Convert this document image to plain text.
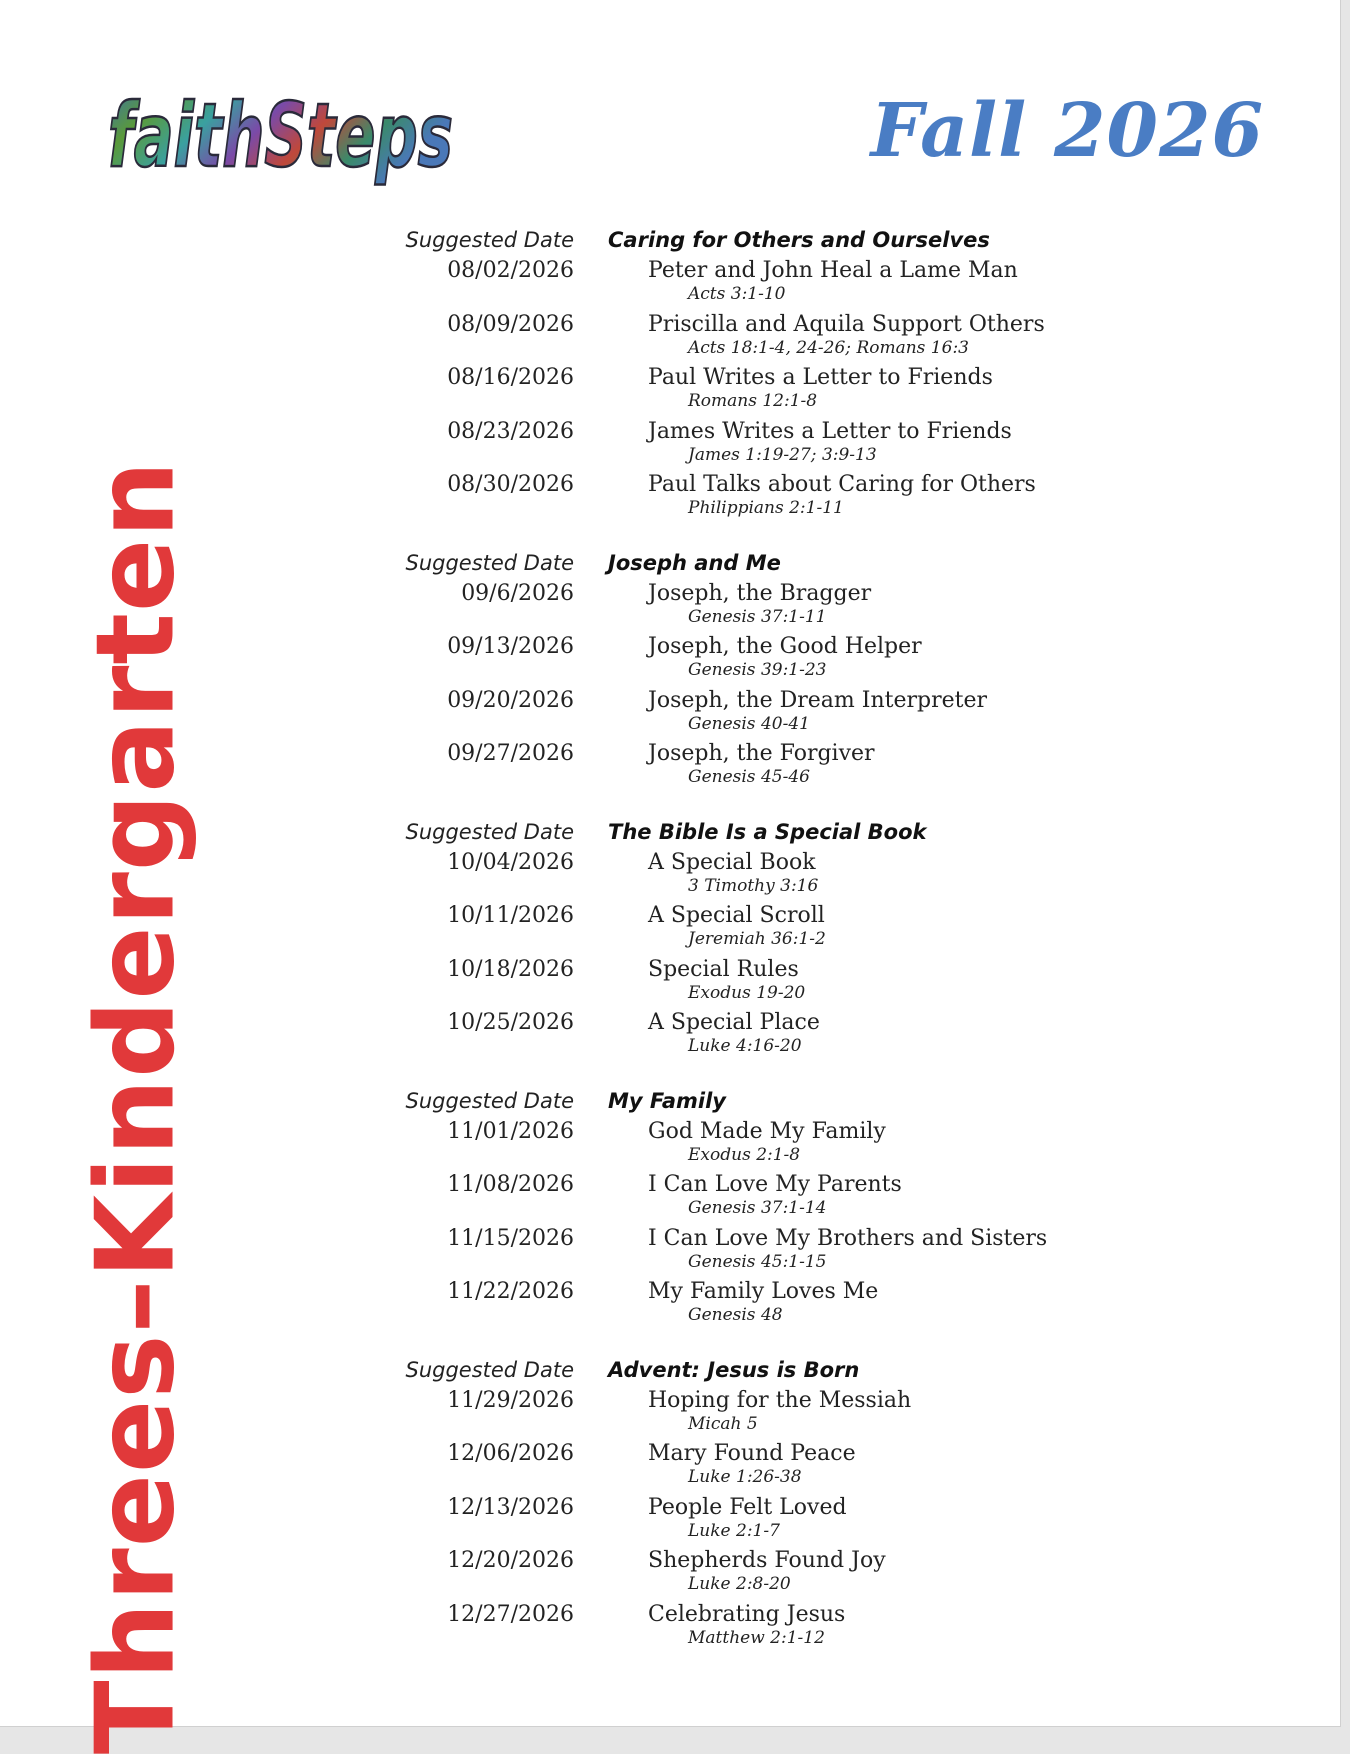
faithSteps	Fall 2026
Threes–Kindergarten
Suggested Date Caring for Others and Ourselves
08/02/2026	Peter and John Heal a Lame Man
Acts 3:1-10
08/09/2026	Priscilla and Aquila Support Others
Acts 18:1-4, 24-26; Romans 16:3
08/16/2026	Paul Writes a Letter to Friends
Romans 12:1-8
08/23/2026	James Writes a Letter to Friends
James 1:19-27; 3:9-13
08/30/2026	Paul Talks about Caring for Others
Philippians 2:1-11
Suggested Date Joseph and Me
09/6/2026	Joseph, the Bragger
Genesis 37:1-11
09/13/2026	Joseph, the Good Helper
Genesis 39:1-23
09/20/2026	Joseph, the Dream Interpreter
Genesis 40-41
09/27/2026	Joseph, the Forgiver
Genesis 45-46
Suggested Date The Bible Is a Special Book
10/04/2026	A Special Book
3 Timothy 3:16
10/11/2026	A Special Scroll
Jeremiah 36:1-2
10/18/2026	Special Rules
Exodus 19-20
10/25/2026	A Special Place
Luke 4:16-20
Suggested Date My Family
11/01/2026	God Made My Family
Exodus 2:1-8
11/08/2026	I Can Love My Parents
Genesis 37:1-14
11/15/2026	I Can Love My Brothers and Sisters
Genesis 45:1-15
11/22/2026	My Family Loves Me
Genesis 48
Suggested Date Advent: Jesus is Born
11/29/2026	Hoping for the Messiah
Micah 5
12/06/2026	Mary Found Peace
Luke 1:26-38
12/13/2026	People Felt Loved
Luke 2:1-7
12/20/2026	Shepherds Found Joy
Luke 2:8-20
12/27/2026	Celebrating Jesus
Matthew 2:1-12
